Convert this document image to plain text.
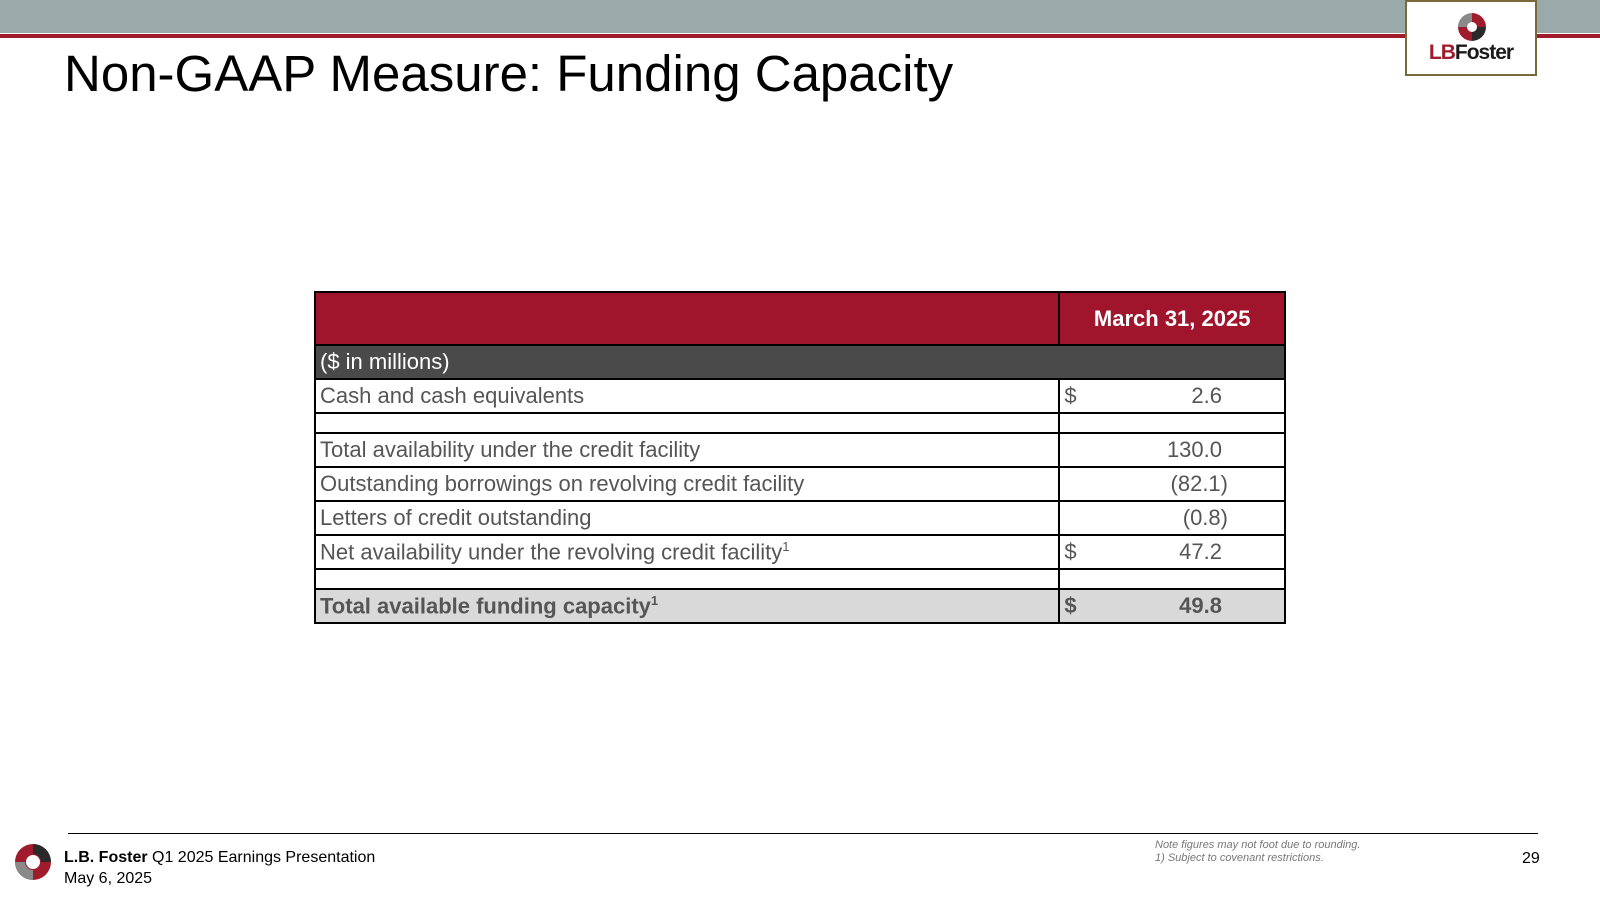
LBFoster
Non-GAAP Measure: Funding Capacity
	March 31, 2025
($ in millions)	
Cash and cash equivalents	$ 2.6

Total availability under the credit facility	130.0

Outstanding borrowings on revolving credit facility	(82.1)

Letters of credit outstanding	(0.8)

Net availability under the revolving credit facility$^1$	$ 47.2

Total available funding capacity$^1$	$ 49.8
L.B. Foster Q1 2025 Earnings Presentation
May 6, 2025
Note figures may not foot due to rounding.
1) Subject to covenant restrictions.	29
